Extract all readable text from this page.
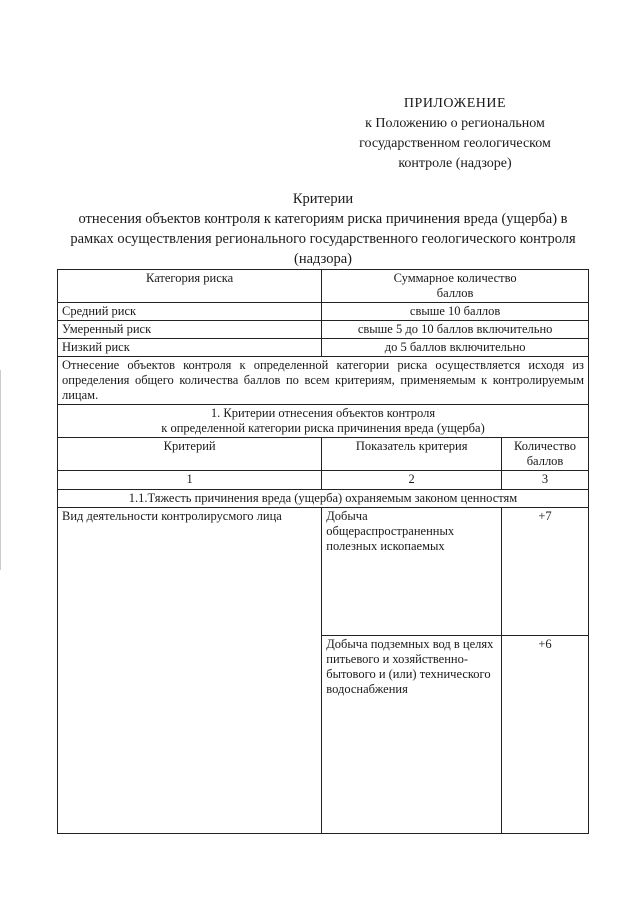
ПРИЛОЖЕНИЕ
к Положению о региональном
государственном геологическом
контроле (надзоре)
Критерии
отнесения объектов контроля к категориям риска причинения вреда (ущерба) в
рамках осуществления регионального государственного геологического контроля
(надзора)
Категория риска	Суммарное количество
баллов	
Средний риск	свыше 10 баллов	
Умеренный риск	свыше 5 до 10 баллов включительно	
Низкий риск	до 5 баллов включительно	
Отнесение объектов контроля к определенной категории риска осуществляется исходя из определения общего количества баллов по всем критериям, применяемым к контролируемым лицам.		
1. Критерии отнесения объектов контроля
к определенной категории риска причинения вреда (ущерба)		
Критерий	Показатель критерия	Количество
баллов
1	2	3
1.1.Тяжесть причинения вреда (ущерба) охраняемым законом ценностям		
Вид деятельности контролирусмого лица	Добыча общераспространенных полезных ископаемых	+7
	Добыча подземных вод в целях питьевого и хозяйственно-бытового и (или) технического водоснабжения	+6
